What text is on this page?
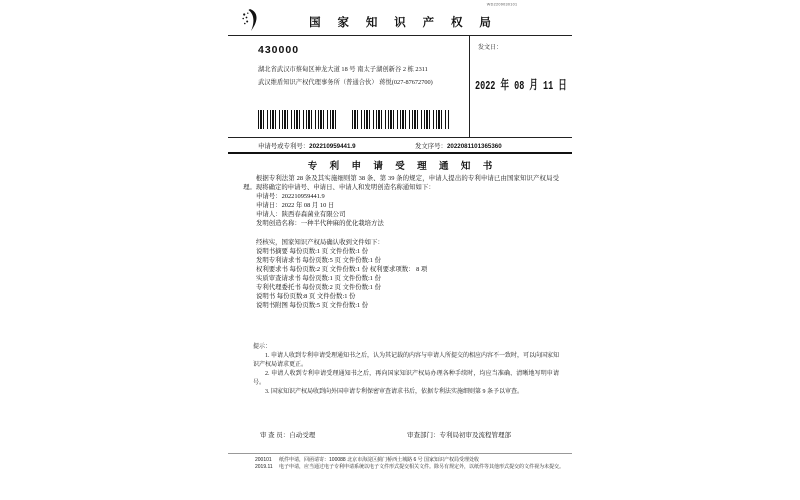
WD2209030101
国 家 知 识 产 权 局
430000
湖北省武汉市蔡甸区神龙大道 18 号 南太子湖创新谷 2 栋 2311
武汉维盾知识产权代理事务所（普通合伙） 蒋悦(027-87672700)
发文日：
2022 年 08 月 11 日
申请号或专利号：202210959441.9	发文序号：2022081101365360
专 利 申 请 受 理 通 知 书
根据专利法第 28 条及其实施细则第 38 条、第 39 条的规定，申请人提出的专利申请已由国家知识产权局受理。现将确定的申请号、申请日、申请人和发明创造名称通知如下：
申请号：202210959441.9
申请日：2022 年 08 月 10 日
申请人：陕西春森菌业有限公司
发明创造名称：一种半代种麻的优化栽培方法
经核实，国家知识产权局确认收到文件如下：
说明书摘要 每份页数:1 页 文件份数:1 份
发明专利请求书 每份页数:5 页 文件份数:1 份
权利要求书 每份页数:2 页 文件份数:1 份 权利要求项数： 8 项
实质审查请求书 每份页数:1 页 文件份数:1 份
专利代理委托书 每份页数:2 页 文件份数:1 份
说明书 每份页数:8 页 文件份数:1 份
说明书附图 每份页数:5 页 文件份数:1 份
提示：
1. 申请人收到专利申请受理通知书之后，认为其记载的内容与申请人所提交的相应内容不一致时，可以向国家知识产权局请求更正。
2. 申请人收到专利申请受理通知书之后，再向国家知识产权局办理各种手续时，均应当准确、清晰地写明申请号。
3. 国家知识产权局收到向外国申请专利保密审查请求书后，依据专利法实施细则第 9 条予以审查。
审 查 员：自动受理	审查部门：专利局初审及流程管理部
200101	纸件申请，回函请寄：100088 北京市海淀区蓟门桥西土城路 6 号 国家知识产权局受理处收
2019.11	电子申请，应当通过电子专利申请系统以电子文件形式提交相关文件。除另有规定外，以纸件等其他形式提交的文件视为未提交。
